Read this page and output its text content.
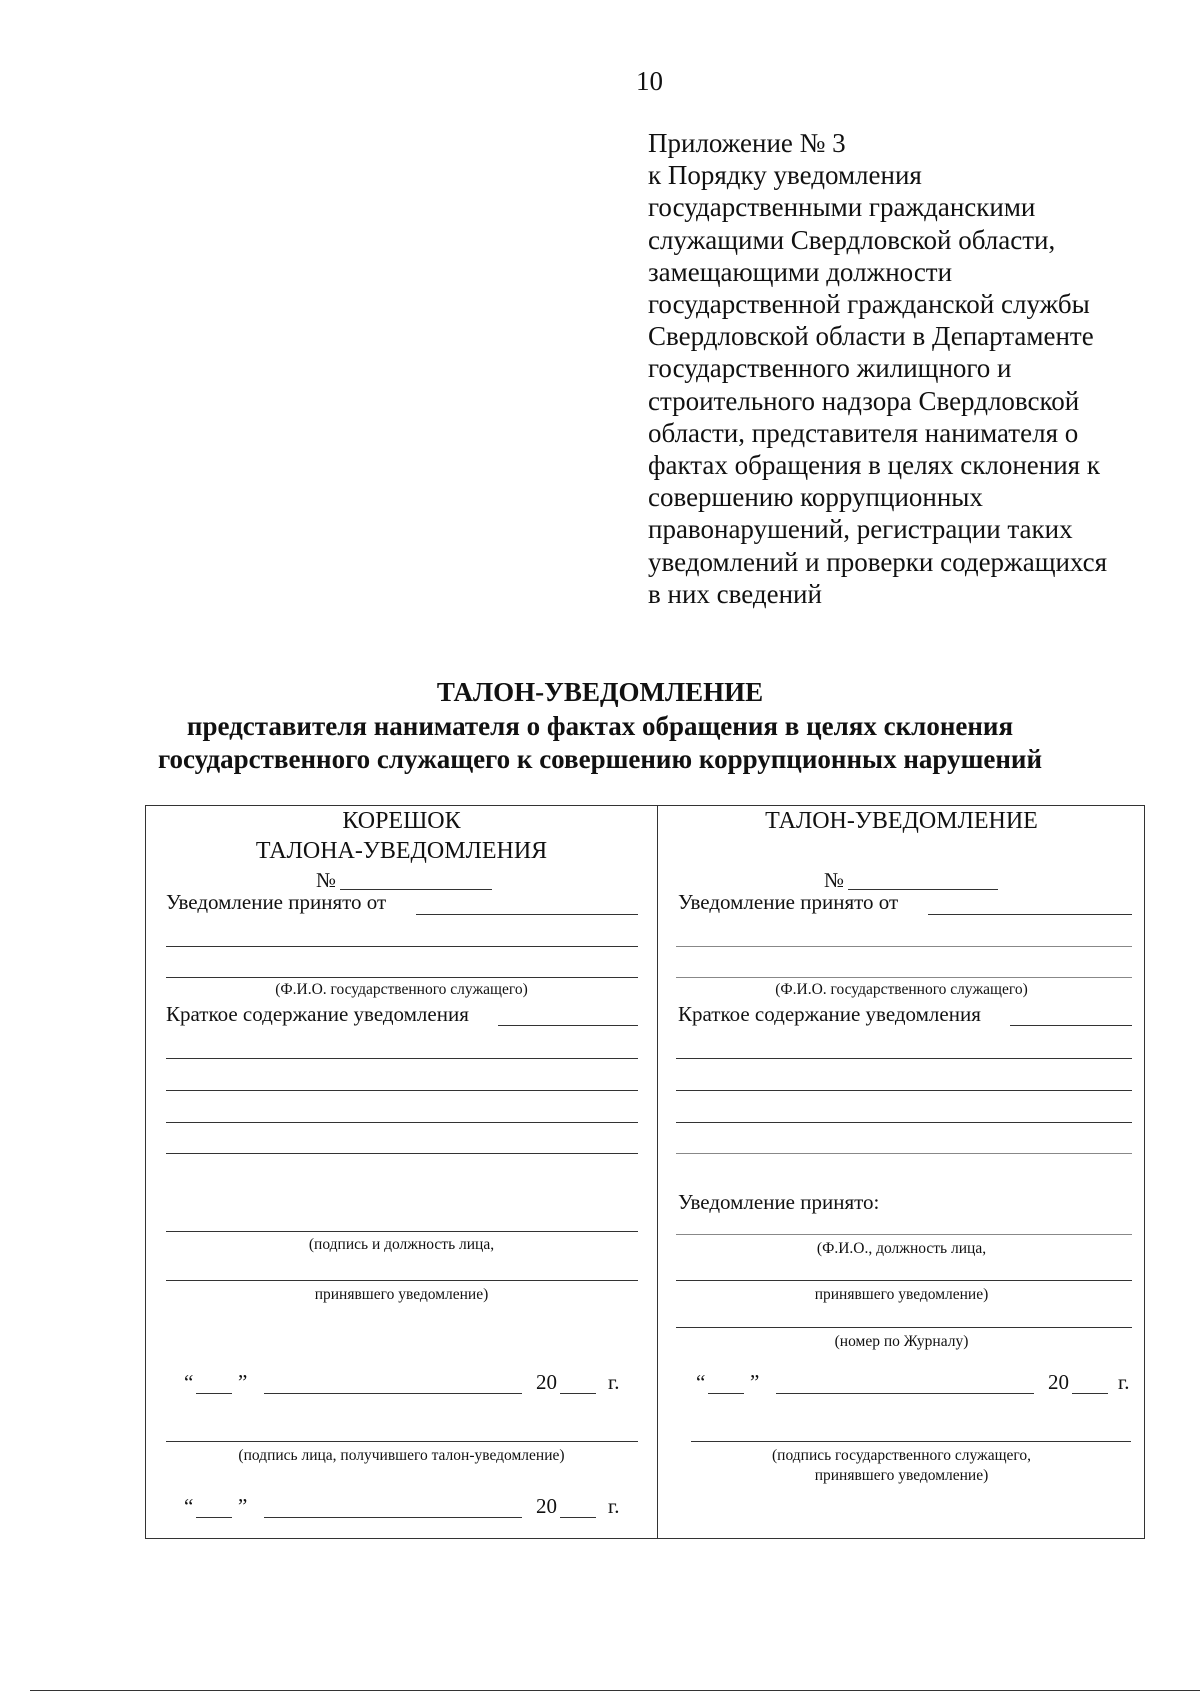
10
Приложение № 3
к Порядку уведомления
государственными гражданскими
служащими Свердловской области,
замещающими должности
государственной гражданской службы
Свердловской области в Департаменте
государственного жилищного и
строительного надзора Свердловской
области, представителя нанимателя о
фактах обращения в целях склонения к
совершению коррупционных
правонарушений, регистрации таких
уведомлений и проверки содержащихся
в них сведений
ТАЛОН-УВЕДОМЛЕНИЕ
представителя нанимателя о фактах обращения в целях склонения
государственного служащего к совершению коррупционных нарушений
КОРЕШОК
ТАЛОНА-УВЕДОМЛЕНИЯ
№
Уведомление принято от
(Ф.И.О. государственного служащего)
Краткое содержание уведомления
(подпись и должность лица,
принявшего уведомление)
“ ”	20 г.
(подпись лица, получившего талон-уведомление)
“ ”	20 г.
ТАЛОН-УВЕДОМЛЕНИЕ
№
Уведомление принято от
(Ф.И.О. государственного служащего)
Краткое содержание уведомления
Уведомление принято:
(Ф.И.О., должность лица,
принявшего уведомление)
(номер по Журналу)
“ ”	20 г.
(подпись государственного служащего,
принявшего уведомление)
